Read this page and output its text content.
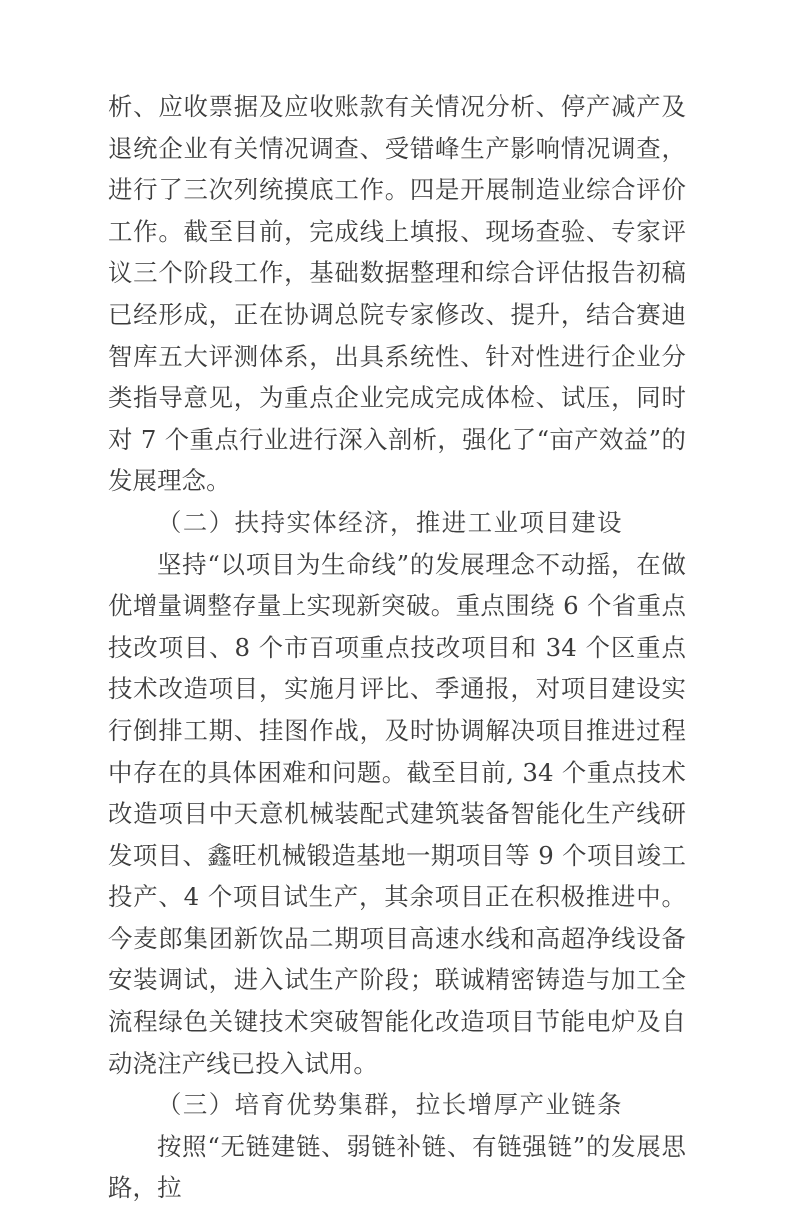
析、应收票据及应收账款有关情况分析、停产减产及退统企业有关情况调查、受错峰生产影响情况调查，进行了三次列统摸底工作。四是开展制造业综合评价工作。截至目前，完成线上填报、现场查验、专家评议三个阶段工作，基础数据整理和综合评估报告初稿已经形成，正在协调总院专家修改、提升，结合赛迪智库五大评测体系，出具系统性、针对性进行企业分类指导意见，为重点企业完成完成体检、试压，同时对 7 个重点行业进行深入剖析，强化了“亩产效益”的发展理念。

（二）扶持实体经济，推进工业项目建设

坚持“以项目为生命线”的发展理念不动摇，在做优增量调整存量上实现新突破。重点围绕 6 个省重点技改项目、8 个市百项重点技改项目和 34 个区重点技术改造项目，实施月评比、季通报，对项目建设实行倒排工期、挂图作战，及时协调解决项目推进过程中存在的具体困难和问题。截至目前, 34 个重点技术改造项目中天意机械装配式建筑装备智能化生产线研发项目、鑫旺机械锻造基地一期项目等 9 个项目竣工投产、4 个项目试生产，其余项目正在积极推进中。今麦郎集团新饮品二期项目高速水线和高超净线设备安装调试，进入试生产阶段；联诚精密铸造与加工全流程绿色关键技术突破智能化改造项目节能电炉及自动浇注产线已投入试用。

（三）培育优势集群，拉长增厚产业链条

按照“无链建链、弱链补链、有链强链”的发展思路，拉
